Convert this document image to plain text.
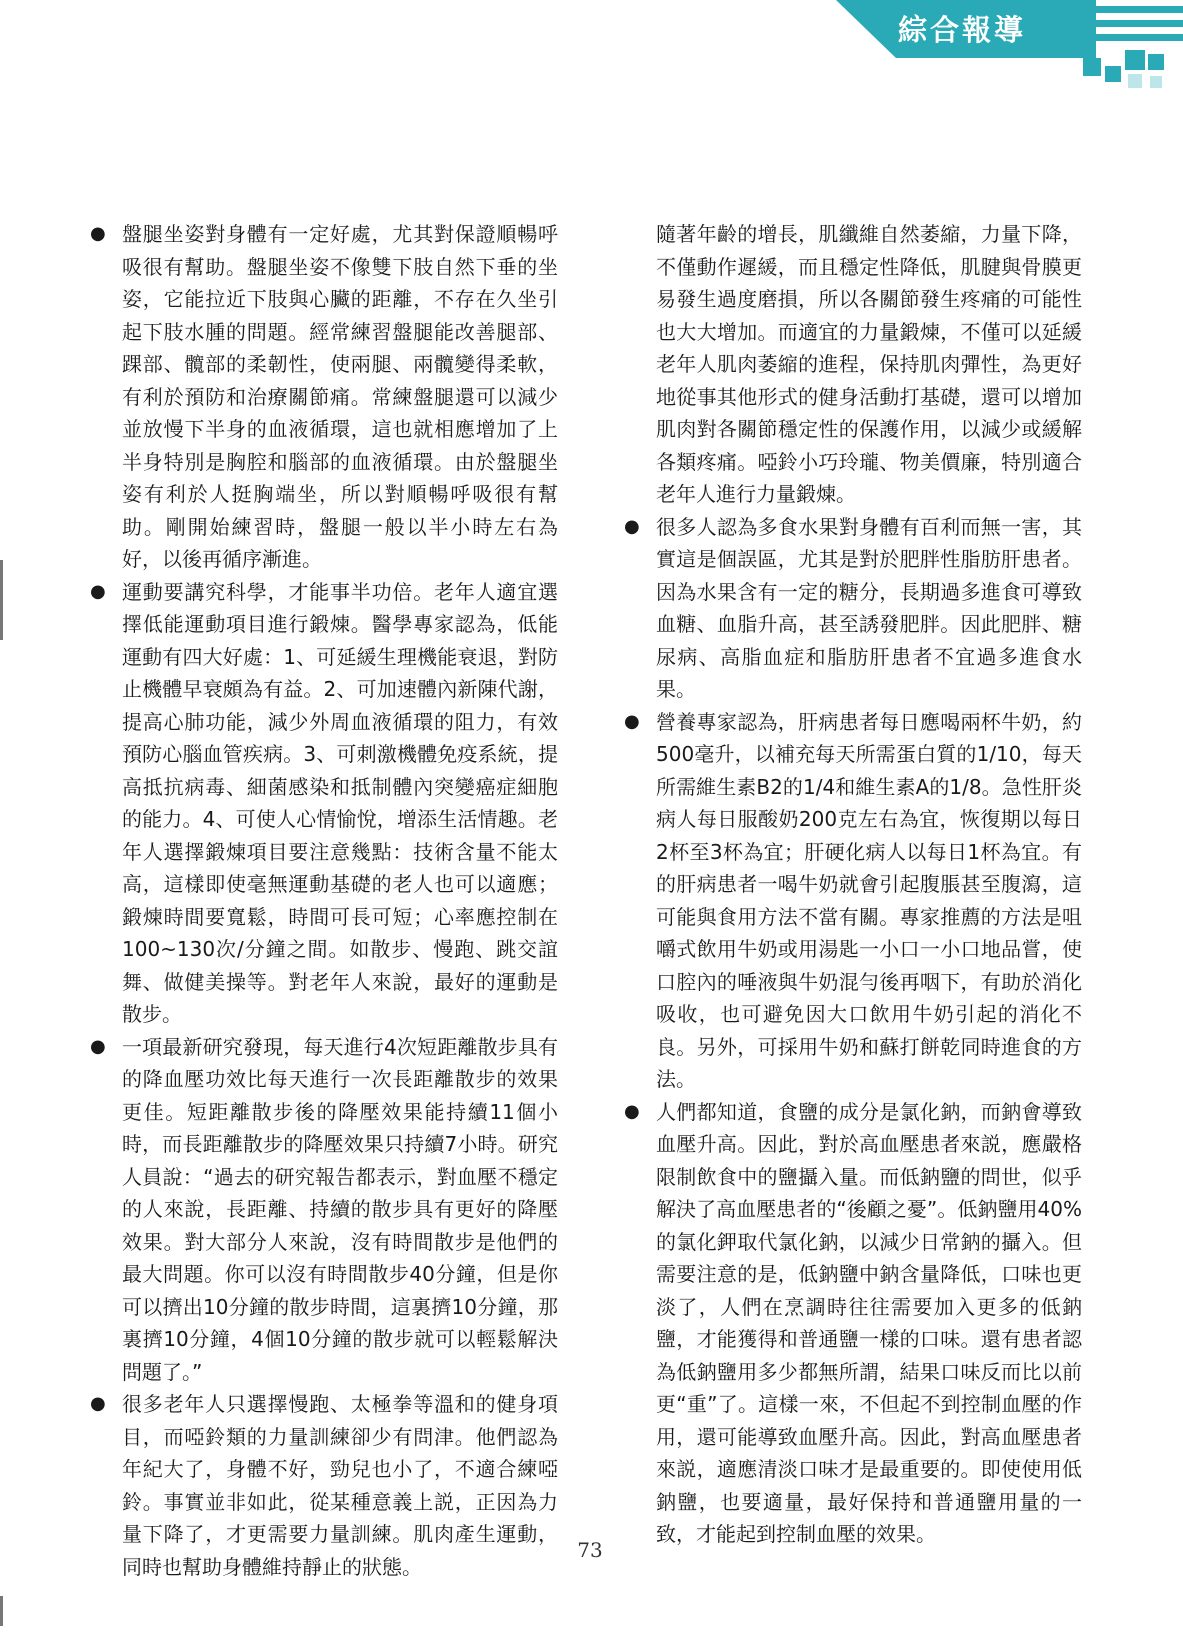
綜合報導
● 盤腿坐姿對身體有一定好處，尤其對保證順暢呼吸很有幫助。盤腿坐姿不像雙下肢自然下垂的坐姿，它能拉近下肢與心臟的距離，不存在久坐引起下肢水腫的問題。經常練習盤腿能改善腿部、踝部、髖部的柔韌性，使兩腿、兩髖變得柔軟，有利於預防和治療關節痛。常練盤腿還可以減少並放慢下半身的血液循環，這也就相應增加了上半身特別是胸腔和腦部的血液循環。由於盤腿坐姿有利於人挺胸端坐，所以對順暢呼吸很有幫助。剛開始練習時，盤腿一般以半小時左右為好，以後再循序漸進。
● 運動要講究科學，才能事半功倍。老年人適宜選擇低能運動項目進行鍛煉。醫學專家認為，低能運動有四大好處：1、可延緩生理機能衰退，對防止機體早衰頗為有益。2、可加速體內新陳代謝，提高心肺功能，減少外周血液循環的阻力，有效預防心腦血管疾病。3、可刺激機體免疫系統，提高抵抗病毒、細菌感染和抵制體內突變癌症細胞的能力。4、可使人心情愉悅，增添生活情趣。老年人選擇鍛煉項目要注意幾點：技術含量不能太高，這樣即使毫無運動基礎的老人也可以適應；鍛煉時間要寬鬆，時間可長可短；心率應控制在100~130次/分鐘之間。如散步、慢跑、跳交誼舞、做健美操等。對老年人來說，最好的運動是散步。
● 一項最新研究發現，每天進行4次短距離散步具有的降血壓功效比每天進行一次長距離散步的效果更佳。短距離散步後的降壓效果能持續11個小時，而長距離散步的降壓效果只持續7小時。研究人員說：“過去的研究報告都表示，對血壓不穩定的人來說，長距離、持續的散步具有更好的降壓效果。對大部分人來說，沒有時間散步是他們的最大問題。你可以沒有時間散步40分鐘，但是你可以擠出10分鐘的散步時間，這裏擠10分鐘，那裏擠10分鐘，4個10分鐘的散步就可以輕鬆解決問題了。”
● 很多老年人只選擇慢跑、太極拳等溫和的健身項目，而啞鈴類的力量訓練卻少有問津。他們認為年紀大了，身體不好，勁兒也小了，不適合練啞鈴。事實並非如此，從某種意義上説，正因為力量下降了，才更需要力量訓練。肌肉產生運動，同時也幫助身體維持靜止的狀態。
隨著年齡的增長，肌纖維自然萎縮，力量下降，不僅動作遲緩，而且穩定性降低，肌腱與骨膜更易發生過度磨損，所以各關節發生疼痛的可能性也大大增加。而適宜的力量鍛煉，不僅可以延緩老年人肌肉萎縮的進程，保持肌肉彈性，為更好地從事其他形式的健身活動打基礎，還可以增加肌肉對各關節穩定性的保護作用，以減少或緩解各類疼痛。啞鈴小巧玲瓏、物美價廉，特別適合老年人進行力量鍛煉。
● 很多人認為多食水果對身體有百利而無一害，其實這是個誤區，尤其是對於肥胖性脂肪肝患者。因為水果含有一定的糖分，長期過多進食可導致血糖、血脂升高，甚至誘發肥胖。因此肥胖、糖尿病、高脂血症和脂肪肝患者不宜過多進食水果。
● 營養專家認為，肝病患者每日應喝兩杯牛奶，約500毫升，以補充每天所需蛋白質的1/10，每天所需維生素B2的1/4和維生素A的1/8。急性肝炎病人每日服酸奶200克左右為宜，恢復期以每日2杯至3杯為宜；肝硬化病人以每日1杯為宜。有的肝病患者一喝牛奶就會引起腹脹甚至腹瀉，這可能與食用方法不當有關。專家推薦的方法是咀嚼式飲用牛奶或用湯匙一小口一小口地品嘗，使口腔內的唾液與牛奶混勻後再咽下，有助於消化吸收，也可避免因大口飲用牛奶引起的消化不良。另外，可採用牛奶和蘇打餅乾同時進食的方法。
● 人們都知道，食鹽的成分是氯化鈉，而鈉會導致血壓升高。因此，對於高血壓患者來説，應嚴格限制飲食中的鹽攝入量。而低鈉鹽的問世，似乎解決了高血壓患者的“後顧之憂”。低鈉鹽用40%的氯化鉀取代氯化鈉，以減少日常鈉的攝入。但需要注意的是，低鈉鹽中鈉含量降低，口味也更淡了，人們在烹調時往往需要加入更多的低鈉鹽，才能獲得和普通鹽一樣的口味。還有患者認為低鈉鹽用多少都無所謂，結果口味反而比以前更“重”了。這樣一來，不但起不到控制血壓的作用，還可能導致血壓升高。因此，對高血壓患者來説，適應清淡口味才是最重要的。即使使用低鈉鹽，也要適量，最好保持和普通鹽用量的一致，才能起到控制血壓的效果。
73
